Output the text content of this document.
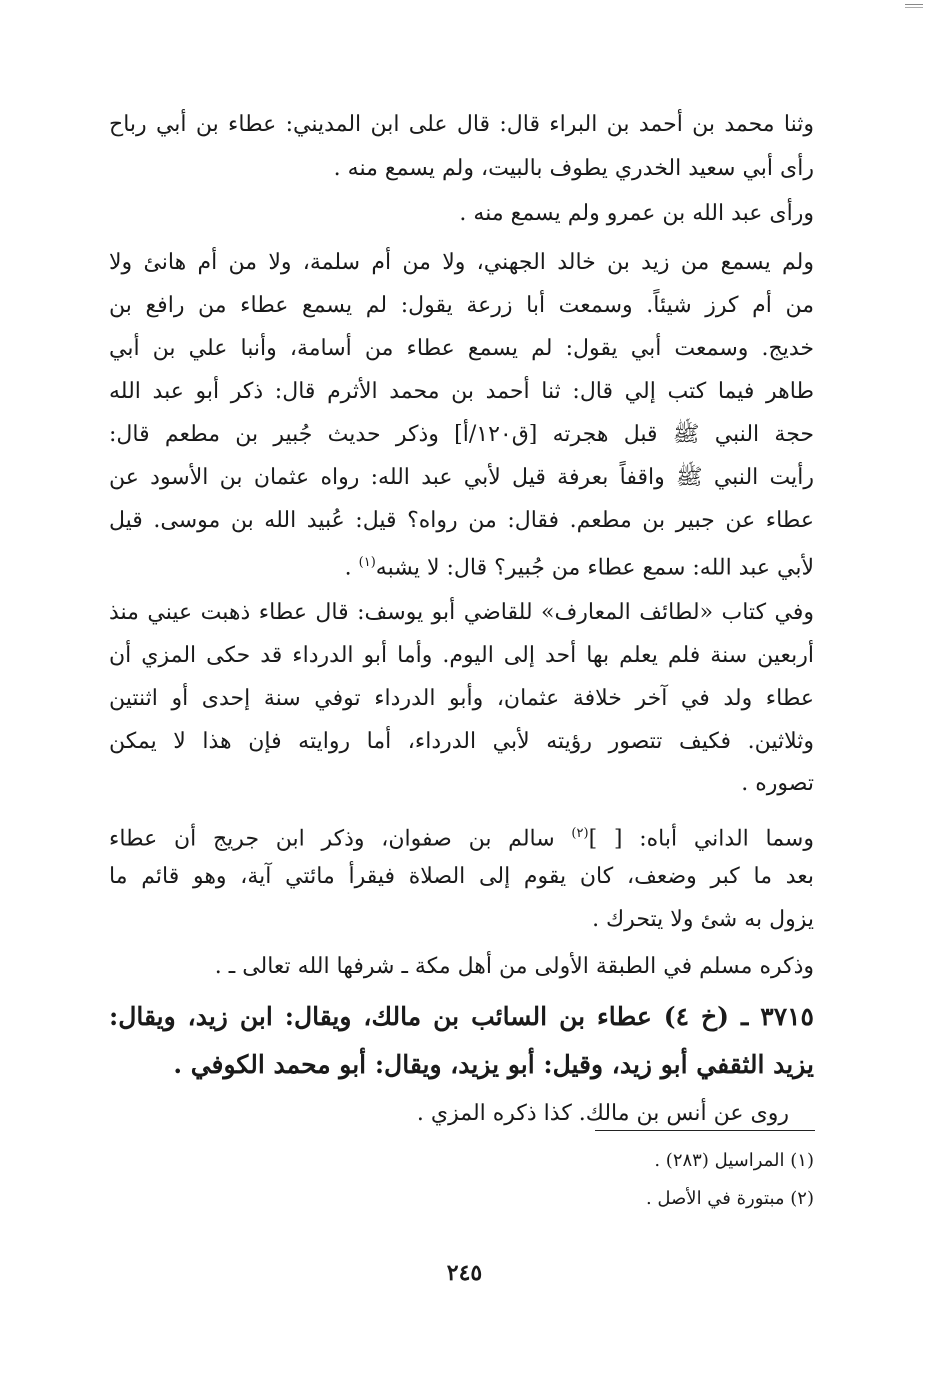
وثنا محمد بن أحمد بن البراء قال: قال على ابن المديني: عطاء بن أبي رباح
رأى أبي سعيد الخدري يطوف بالبيت، ولم يسمع منه .
ورأى عبد الله بن عمرو ولم يسمع منه .
ولم يسمع من زيد بن خالد الجهني، ولا من أم سلمة، ولا من أم هانئ ولا
من أم كرز شيئاً. وسمعت أبا زرعة يقول: لم يسمع عطاء من رافع بن
خديج. وسمعت أبي يقول: لم يسمع عطاء من أسامة، وأنبا علي بن أبي
طاهر فيما كتب إلي قال: ثنا أحمد بن محمد الأثرم قال: ذكر أبو عبد الله
حجة النبي ﷺ قبل هجرته [ق١٢٠/أ] وذكر حديث جُبير بن مطعم قال:
رأيت النبي ﷺ واقفاً بعرفة قيل لأبي عبد الله: رواه عثمان بن الأسود عن
عطاء عن جبير بن مطعم. فقال: من رواه؟ قيل: عُبيد الله بن موسى. قيل
لأبي عبد الله: سمع عطاء من جُبير؟ قال: لا يشبه$^{(١)}$ .
وفي كتاب «لطائف المعارف» للقاضي أبو يوسف: قال عطاء ذهبت عيني منذ
أربعين سنة فلم يعلم بها أحد إلى اليوم. وأما أبو الدرداء قد حكى المزي أن
عطاء ولد في آخر خلافة عثمان، وأبو الدرداء توفي سنة إحدى أو اثنتين
وثلاثين. فكيف تتصور رؤيته لأبي الدرداء، أما روايته فإن هذا لا يمكن
تصوره .
وسما الداني أباه: [ ]$^{(٢)}$ سالم بن صفوان، وذكر ابن جريج أن عطاء
بعد ما كبر وضعف، كان يقوم إلى الصلاة فيقرأ مائتي آية، وهو قائم ما
يزول به شئ ولا يتحرك .
وذكره مسلم في الطبقة الأولى من أهل مكة ـ شرفها الله تعالى ـ .
٣٧١٥ ـ (خ ٤) عطاء بن السائب بن مالك، ويقال: ابن زيد، ويقال:
يزيد الثقفي أبو زيد، وقيل: أبو يزيد، ويقال: أبو محمد الكوفي .
روى عن أنس بن مالك. كذا ذكره المزي .
(١) المراسيل (٢٨٣) .
(٢) مبتورة في الأصل .
٢٤٥
